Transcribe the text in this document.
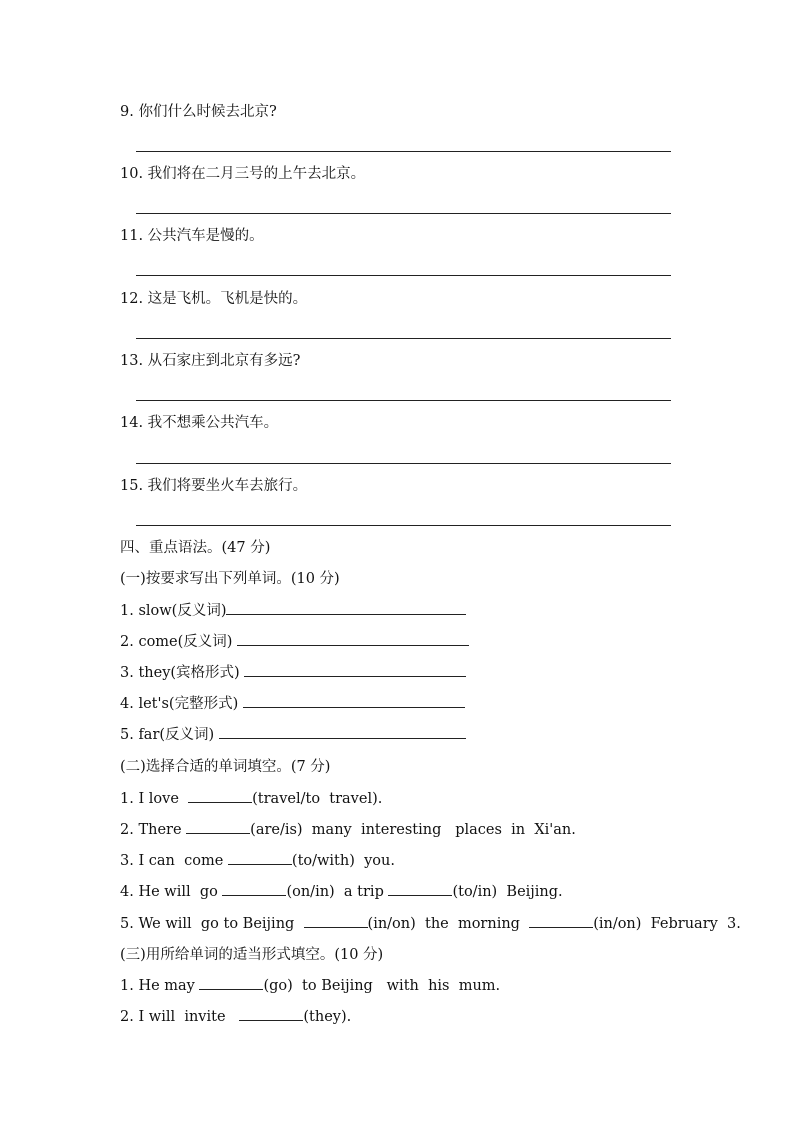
9. 你们什么时候去北京?
10. 我们将在二月三号的上午去北京。
11. 公共汽车是慢的。
12. 这是飞机。飞机是快的。
13. 从石家庄到北京有多远?
14. 我不想乘公共汽车。
15. 我们将要坐火车去旅行。
四、重点语法。(47 分)
(一)按要求写出下列单词。(10 分)
1. slow(反义词)
2. come(反义词)
3. they(宾格形式)
4. let's(完整形式)
5. far(反义词)
(二)选择合适的单词填空。(7 分)
1. I love	(travel/to  travel).
2. There	(are/is)  many  interesting   places  in  Xi'an.
3. I can  come	(to/with)  you.
4. He will  go	(on/in)  a trip	(to/in)  Beijing.
5. We will  go to Beijing	(in/on)  the  morning	(in/on)  February  3.
(三)用所给单词的适当形式填空。(10 分)
1. He may	(go)  to Beijing   with  his  mum.
2. I will  invite	(they).
